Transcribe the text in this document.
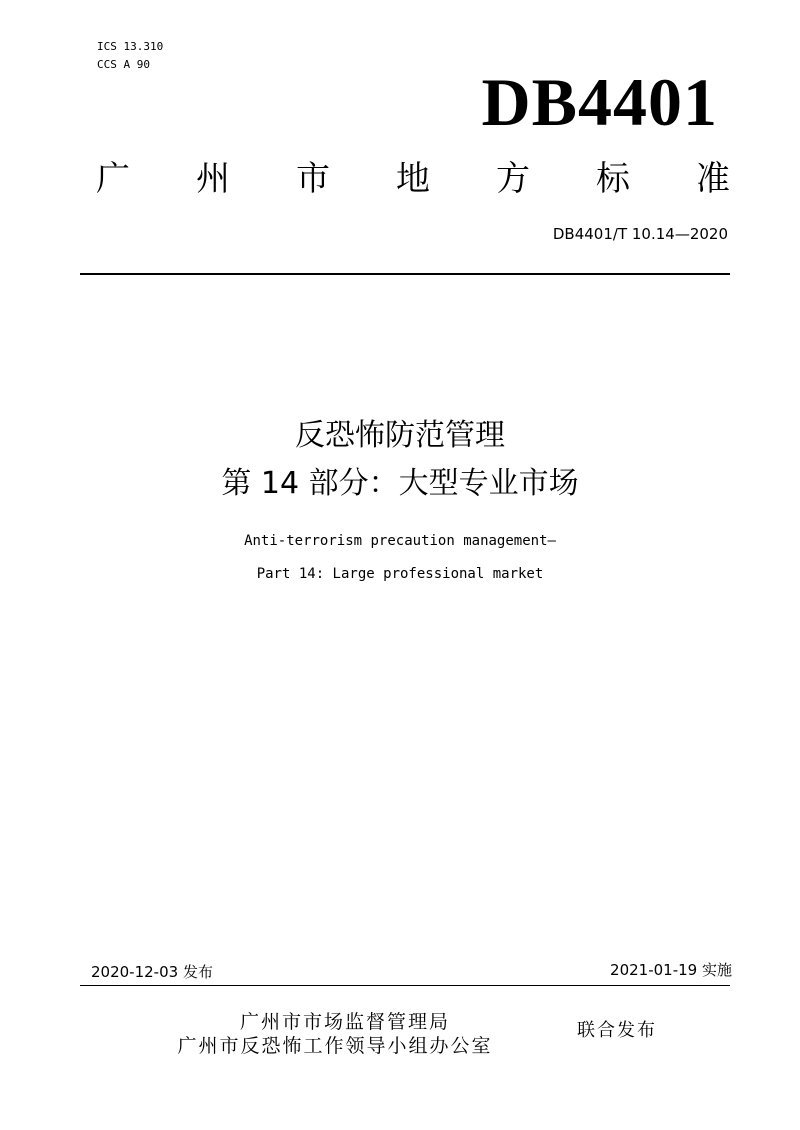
ICS 13.310
CCS A 90	DB4401
广 州 市 地 方 标 准
DB4401/T 10.14—2020
反恐怖防范管理
第 14 部分：大型专业市场
Anti-terrorism precaution management—
Part 14: Large professional market
2020-12-03 发布	2021-01-19 实施
广州市市场监督管理局
广州市反恐怖工作领导小组办公室
联合发布
